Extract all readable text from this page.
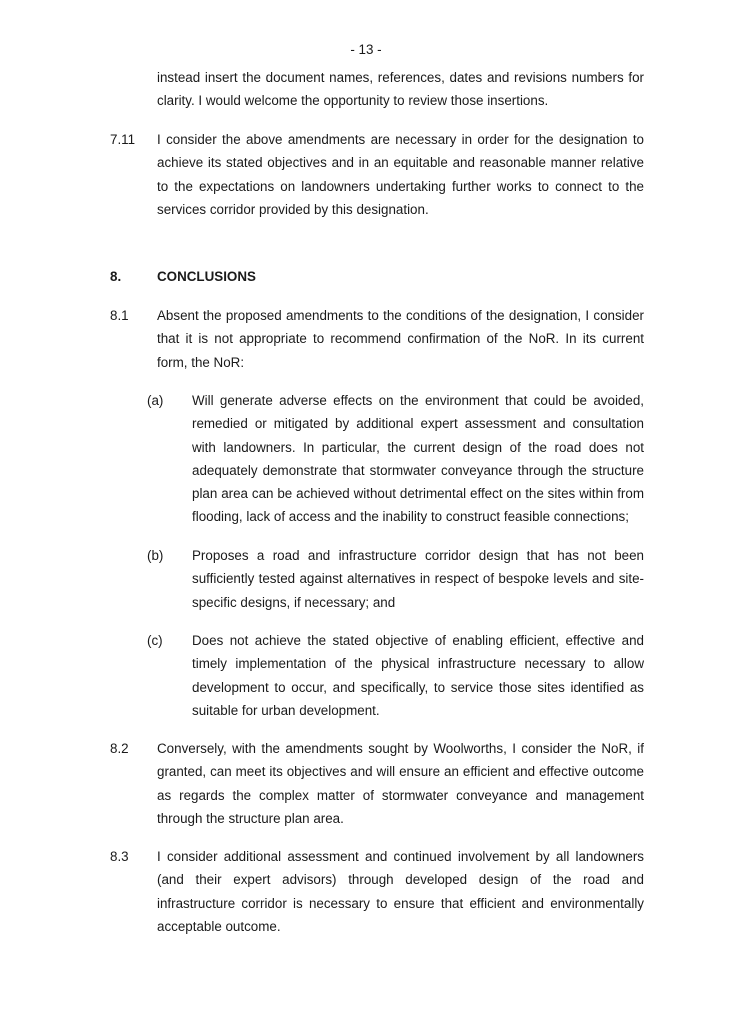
- 13 -
instead insert the document names, references, dates and revisions numbers for clarity. I would welcome the opportunity to review those insertions.
7.11 I consider the above amendments are necessary in order for the designation to achieve its stated objectives and in an equitable and reasonable manner relative to the expectations on landowners undertaking further works to connect to the services corridor provided by this designation.
8.	CONCLUSIONS
8.1 Absent the proposed amendments to the conditions of the designation, I consider that it is not appropriate to recommend confirmation of the NoR. In its current form, the NoR:
(a) Will generate adverse effects on the environment that could be avoided, remedied or mitigated by additional expert assessment and consultation with landowners. In particular, the current design of the road does not adequately demonstrate that stormwater conveyance through the structure plan area can be achieved without detrimental effect on the sites within from flooding, lack of access and the inability to construct feasible connections;
(b) Proposes a road and infrastructure corridor design that has not been sufficiently tested against alternatives in respect of bespoke levels and site-specific designs, if necessary; and
(c) Does not achieve the stated objective of enabling efficient, effective and timely implementation of the physical infrastructure necessary to allow development to occur, and specifically, to service those sites identified as suitable for urban development.
8.2 Conversely, with the amendments sought by Woolworths, I consider the NoR, if granted, can meet its objectives and will ensure an efficient and effective outcome as regards the complex matter of stormwater conveyance and management through the structure plan area.
8.3 I consider additional assessment and continued involvement by all landowners (and their expert advisors) through developed design of the road and infrastructure corridor is necessary to ensure that efficient and environmentally acceptable outcome.
